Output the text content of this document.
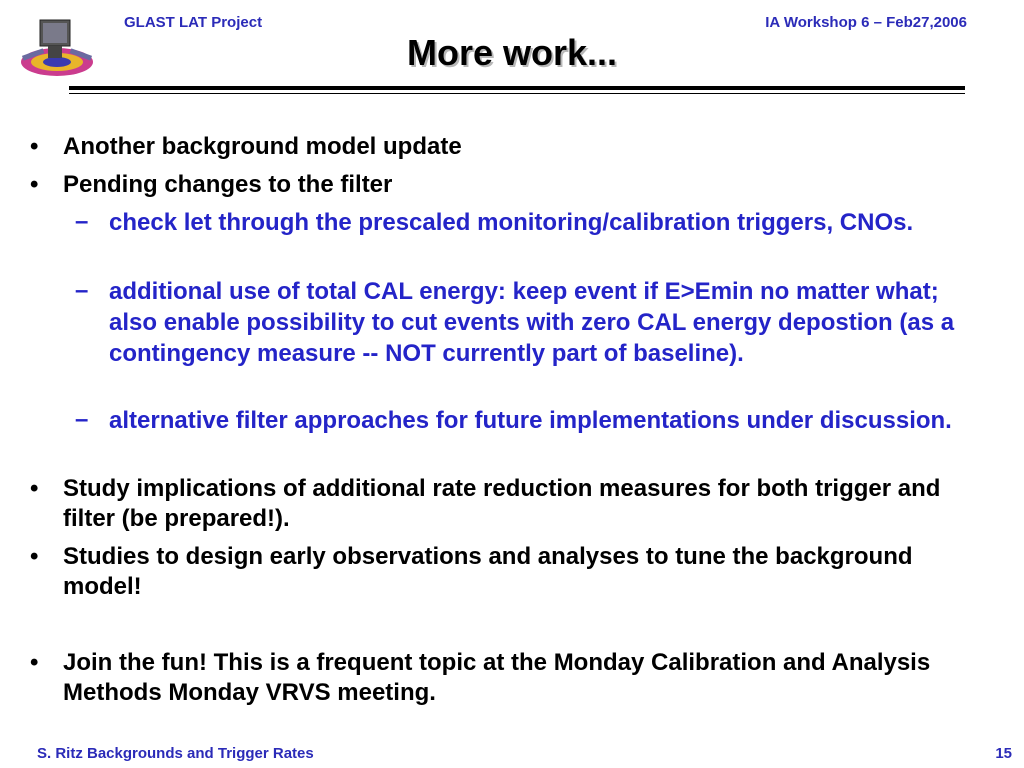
GLAST LAT Project	IA Workshop 6 – Feb27,2006
More work...
• Another background model update
• Pending changes to the filter
– check let through the prescaled monitoring/calibration triggers, CNOs.
– additional use of total CAL energy: keep event if E>Emin no matter what; also enable possibility to cut events with zero CAL energy depostion (as a contingency measure -- NOT currently part of baseline).
– alternative filter approaches for future implementations under discussion.
• Study implications of additional rate reduction measures for both trigger and filter (be prepared!).
• Studies to design early observations and analyses to tune the background model!
• Join the fun! This is a frequent topic at the Monday Calibration and Analysis Methods Monday VRVS meeting.
S. Ritz Backgrounds and Trigger Rates	15
